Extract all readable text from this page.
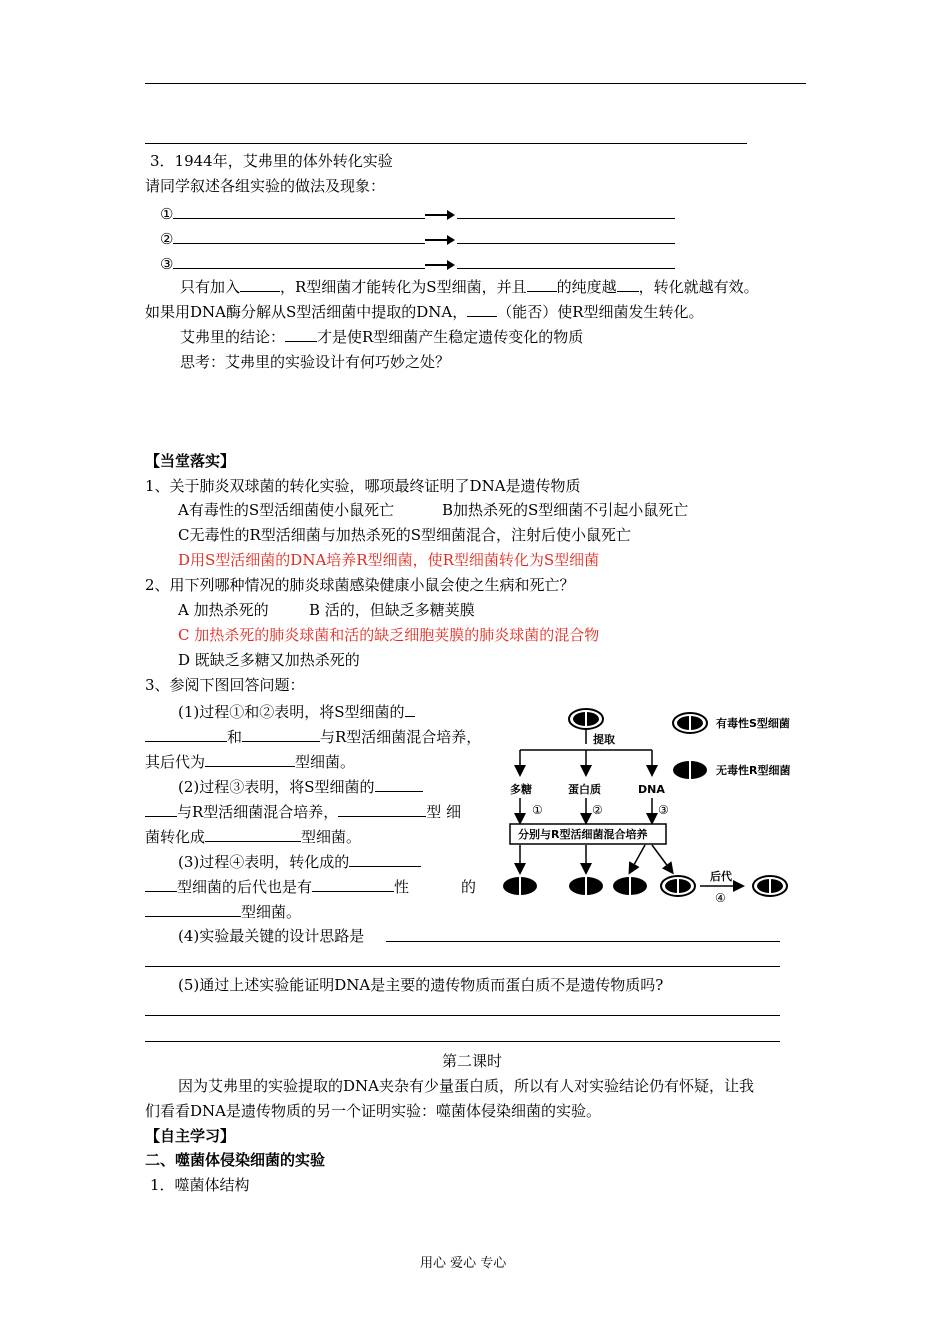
3．1944年，艾弗里的体外转化实验
请同学叙述各组实验的做法及现象：
①
②
③
只有加入	，R型细菌才能转化为S型细菌，并且 的纯度越 ，转化就越有效。
如果用DNA酶分解从S型活细菌中提取的DNA， （能否）使R型细菌发生转化。
艾弗里的结论： 才是使R型细菌产生稳定遗传变化的物质
思考：艾弗里的实验设计有何巧妙之处？
【当堂落实】
1、关于肺炎双球菌的转化实验，哪项最终证明了DNA是遗传物质
A有毒性的S型活细菌使小鼠死亡	B加热杀死的S型细菌不引起小鼠死亡
C无毒性的R型活细菌与加热杀死的S型细菌混合，注射后使小鼠死亡
D用S型活细菌的DNA培养R型细菌，使R型细菌转化为S型细菌
2、用下列哪种情况的肺炎球菌感染健康小鼠会使之生病和死亡？
A 加热杀死的	B 活的，但缺乏多糖荚膜
C 加热杀死的肺炎球菌和活的缺乏细胞荚膜的肺炎球菌的混合物
D 既缺乏多糖又加热杀死的
3、参阅下图回答问题：
(1)过程①和②表明，将S型细菌的
和	与R型活细菌混合培养，
其后代为	型细菌。
(2)过程③表明，将S型细菌的
与R型活细菌混合培养，	型 细
菌转化成	型细菌。
(3)过程④表明，转化成的
型细菌的后代也是有	性	的
型细菌。
(4)实验最关键的设计思路是
(5)通过上述实验能证明DNA是主要的遗传物质而蛋白质不是遗传物质吗?
提取
多糖	蛋白质	DNA
①	②	③
分别与R型活细菌混合培养
后代
④
有毒性S型细菌
无毒性R型细菌
第二课时
因为艾弗里的实验提取的DNA夹杂有少量蛋白质，所以有人对实验结论仍有怀疑，让我
们看看DNA是遗传物质的另一个证明实验：噬菌体侵染细菌的实验。
【自主学习】
二、噬菌体侵染细菌的实验
1．噬菌体结构
用心 爱心 专心
